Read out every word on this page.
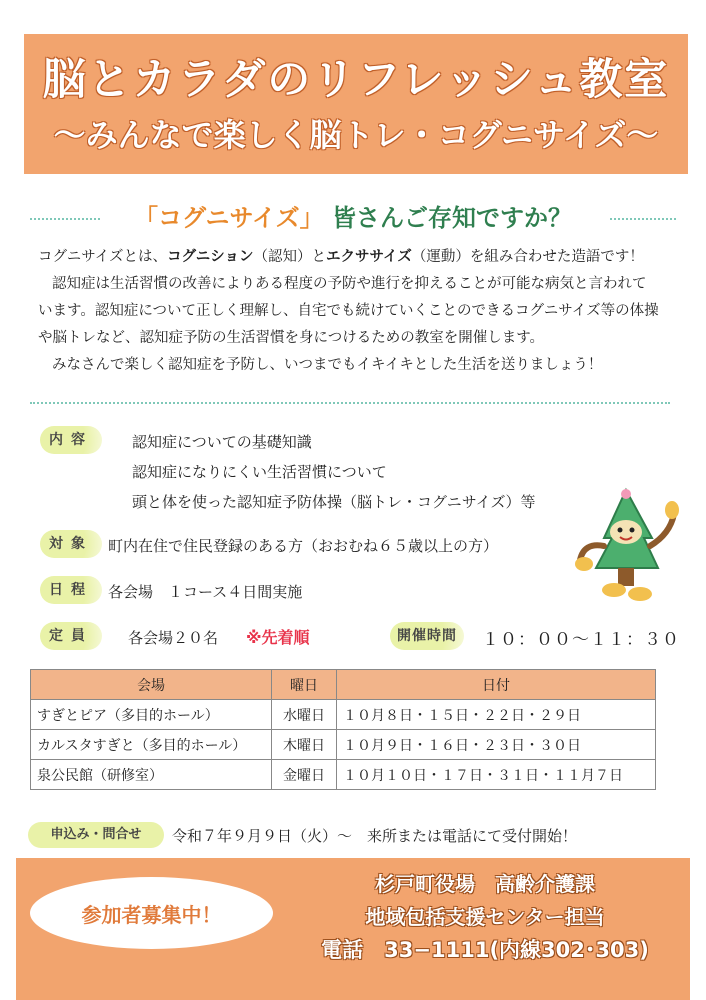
脳とカラダのリフレッシュ教室
〜みんなで楽しく脳トレ・コグニサイズ〜
「コグニサイズ」 皆さんご存知ですか？
コグニサイズとは、コグニション（認知）とエクササイズ（運動）を組み合わせた造語です！
認知症は生活習慣の改善によりある程度の予防や進行を抑えることが可能な病気と言われて
います。認知症について正しく理解し、自宅でも続けていくことのできるコグニサイズ等の体操
や脳トレなど、認知症予防の生活習慣を身につけるための教室を開催します。
みなさんで楽しく認知症を予防し、いつまでもイキイキとした生活を送りましょう！
内容	認知症についての基礎知識
認知症になりにくい生活習慣について
頭と体を使った認知症予防体操（脳トレ・コグニサイズ）等
対象	町内在住で住民登録のある方（おおむね６５歳以上の方）
日程	各会場　１コース４日間実施
定員	各会場２０名 ※先着順	開催時間	１０：００〜１１：３０
会場	曜日	日付
すぎとピア（多目的ホール）	水曜日	１０月８日・１５日・２２日・２９日
カルスタすぎと（多目的ホール）	木曜日	１０月９日・１６日・２３日・３０日
泉公民館（研修室）	金曜日	１０月１０日・１７日・３１日・１１月７日
申込み・問合せ	令和７年９月９日（火）〜　来所または電話にて受付開始！
参加者募集中！
杉戸町役場　高齢介護課
地域包括支援センター担当
電話　33−1111(内線302･303)
